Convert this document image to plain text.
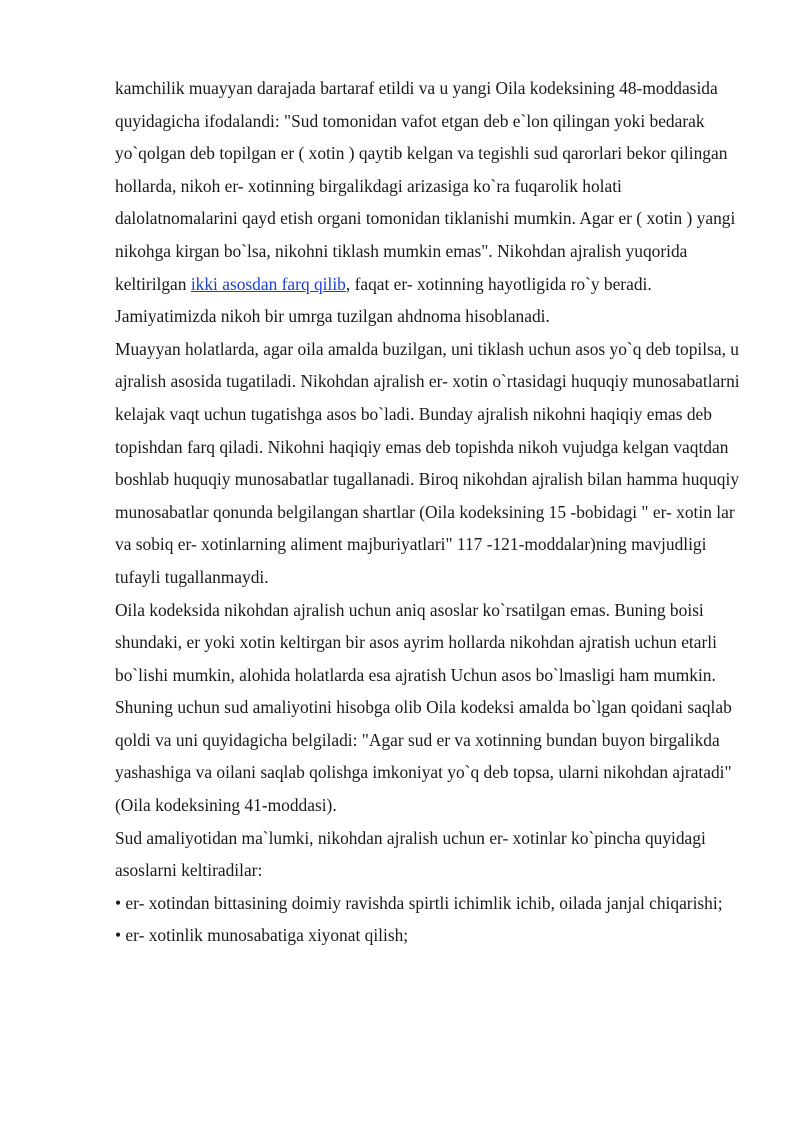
kamchilik muayyan darajada bartaraf etildi va u yangi Oila kodeksining 48-moddasida quyidagicha ifodalandi: "Sud tomonidan vafot etgan deb e`lon qilingan yoki bedarak yo`qolgan deb topilgan er ( xotin ) qaytib kelgan va tegishli sud qarorlari bekor qilingan hollarda, nikoh er- xotinning birgalikdagi arizasiga ko`ra fuqarolik holati dalolatnomalarini qayd etish organi tomonidan tiklanishi mumkin. Agar er ( xotin ) yangi nikohga kirgan bo`lsa, nikohni tiklash mumkin emas". Nikohdan ajralish yuqorida keltirilgan ikki asosdan farq qilib, faqat er- xotinning hayotligida ro`y beradi.

Jamiyatimizda nikoh bir umrga tuzilgan ahdnoma hisoblanadi.

Muayyan holatlarda, agar oila amalda buzilgan, uni tiklash uchun asos yo`q deb topilsa, u ajralish asosida tugatiladi. Nikohdan ajralish er- xotin o`rtasidagi huquqiy munosabatlarni kelajak vaqt uchun tugatishga asos bo`ladi. Bunday ajralish nikohni haqiqiy emas deb topishdan farq qiladi. Nikohni haqiqiy emas deb topishda nikoh vujudga kelgan vaqtdan boshlab huquqiy munosabatlar tugallanadi. Biroq nikohdan ajralish bilan hamma huquqiy munosabatlar qonunda belgilangan shartlar (Oila kodeksining 15 -bobidagi " er- xotin lar va sobiq er- xotinlarning aliment majburiyatlari" 117 -121-moddalar)ning mavjudligi tufayli tugallanmaydi.

Oila kodeksida nikohdan ajralish uchun aniq asoslar ko`rsatilgan emas. Buning boisi shundaki, er yoki xotin keltirgan bir asos ayrim hollarda nikohdan ajratish uchun etarli bo`lishi mumkin, alohida holatlarda esa ajratish Uchun asos bo`lmasligi ham mumkin. Shuning uchun sud amaliyotini hisobga olib Oila kodeksi amalda bo`lgan qoidani saqlab qoldi va uni quyidagicha belgiladi: "Agar sud er va xotinning bundan buyon birgalikda yashashiga va oilani saqlab qolishga imkoniyat yo`q deb topsa, ularni nikohdan ajratadi" (Oila kodeksining 41-moddasi).

Sud amaliyotidan ma`lumki, nikohdan ajralish uchun er- xotinlar ko`pincha quyidagi asoslarni keltiradilar:

• er- xotindan bittasining doimiy ravishda spirtli ichimlik ichib, oilada janjal chiqarishi;

• er- xotinlik munosabatiga xiyonat qilish;
